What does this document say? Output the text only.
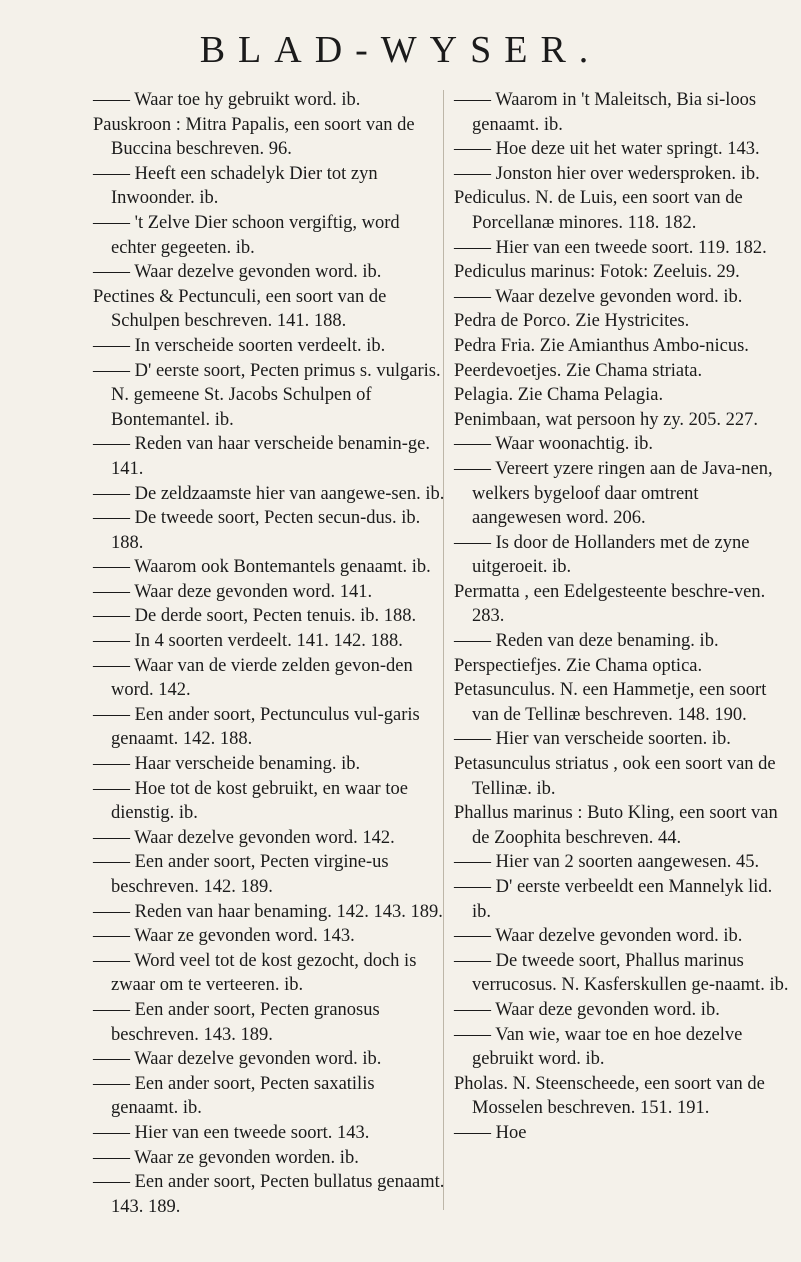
BLAD-WYSER.
—— Waar toe hy gebruikt word. ib.
Pauskroon : Mitra Papalis, een soort van de Buccina beschreven. 96.
—— Heeft een schadelyk Dier tot zyn Inwoonder. ib.
—— 't Zelve Dier schoon vergiftig, word echter gegeeten. ib.
—— Waar dezelve gevonden word. ib.
Pectines & Pectunculi, een soort van de Schulpen beschreven. 141. 188.
—— In verscheide soorten verdeelt. ib.
—— D' eerste soort, Pecten primus s. vulgaris. N. gemeene St. Jacobs Schulpen of Bontemantel. ib.
—— Reden van haar verscheide benamin-ge. 141.
—— De zeldzaamste hier van aangewe-sen. ib.
—— De tweede soort, Pecten secun-dus. ib. 188.
—— Waarom ook Bontemantels genaamt. ib.
—— Waar deze gevonden word. 141.
—— De derde soort, Pecten tenuis. ib. 188.
—— In 4 soorten verdeelt. 141. 142. 188.
—— Waar van de vierde zelden gevon-den word. 142.
—— Een ander soort, Pectunculus vul-garis genaamt. 142. 188.
—— Haar verscheide benaming. ib.
—— Hoe tot de kost gebruikt, en waar toe dienstig. ib.
—— Waar dezelve gevonden word. 142.
—— Een ander soort, Pecten virgine-us beschreven. 142. 189.
—— Reden van haar benaming. 142. 143. 189.
—— Waar ze gevonden word. 143.
—— Word veel tot de kost gezocht, doch is zwaar om te verteeren. ib.
—— Een ander soort, Pecten granosus beschreven. 143. 189.
—— Waar dezelve gevonden word. ib.
—— Een ander soort, Pecten saxatilis genaamt. ib.
—— Hier van een tweede soort. 143.
—— Waar ze gevonden worden. ib.
—— Een ander soort, Pecten bullatus genaamt. 143. 189.
—— Waarom in 't Maleitsch, Bia si-loos genaamt. ib.
—— Hoe deze uit het water springt. 143.
—— Jonston hier over wedersproken. ib.
Pediculus. N. de Luis, een soort van de Porcellanæ minores. 118. 182.
—— Hier van een tweede soort. 119. 182.
Pediculus marinus: Fotok: Zeeluis. 29.
—— Waar dezelve gevonden word. ib.
Pedra de Porco. Zie Hystricites.
Pedra Fria. Zie Amianthus Ambo-nicus.
Peerdevoetjes. Zie Chama striata.
Pelagia. Zie Chama Pelagia.
Penimbaan, wat persoon hy zy. 205. 227.
—— Waar woonachtig. ib.
—— Vereert yzere ringen aan de Java-nen, welkers bygeloof daar omtrent aangewesen word. 206.
—— Is door de Hollanders met de zyne uitgeroeit. ib.
Permatta , een Edelgesteente beschre-ven. 283.
—— Reden van deze benaming. ib.
Perspectiefjes. Zie Chama optica.
Petasunculus. N. een Hammetje, een soort van de Tellinæ beschreven. 148. 190.
—— Hier van verscheide soorten. ib.
Petasunculus striatus , ook een soort van de Tellinæ. ib.
Phallus marinus : Buto Kling, een soort van de Zoophita beschreven. 44.
—— Hier van 2 soorten aangewesen. 45.
—— D' eerste verbeeldt een Mannelyk lid. ib.
—— Waar dezelve gevonden word. ib.
—— De tweede soort, Phallus marinus verrucosus. N. Kasferskullen ge-naamt. ib.
—— Waar deze gevonden word. ib.
—— Van wie, waar toe en hoe dezelve gebruikt word. ib.
Pholas. N. Steenscheede, een soort van de Mosselen beschreven. 151. 191.
—— Hoe
